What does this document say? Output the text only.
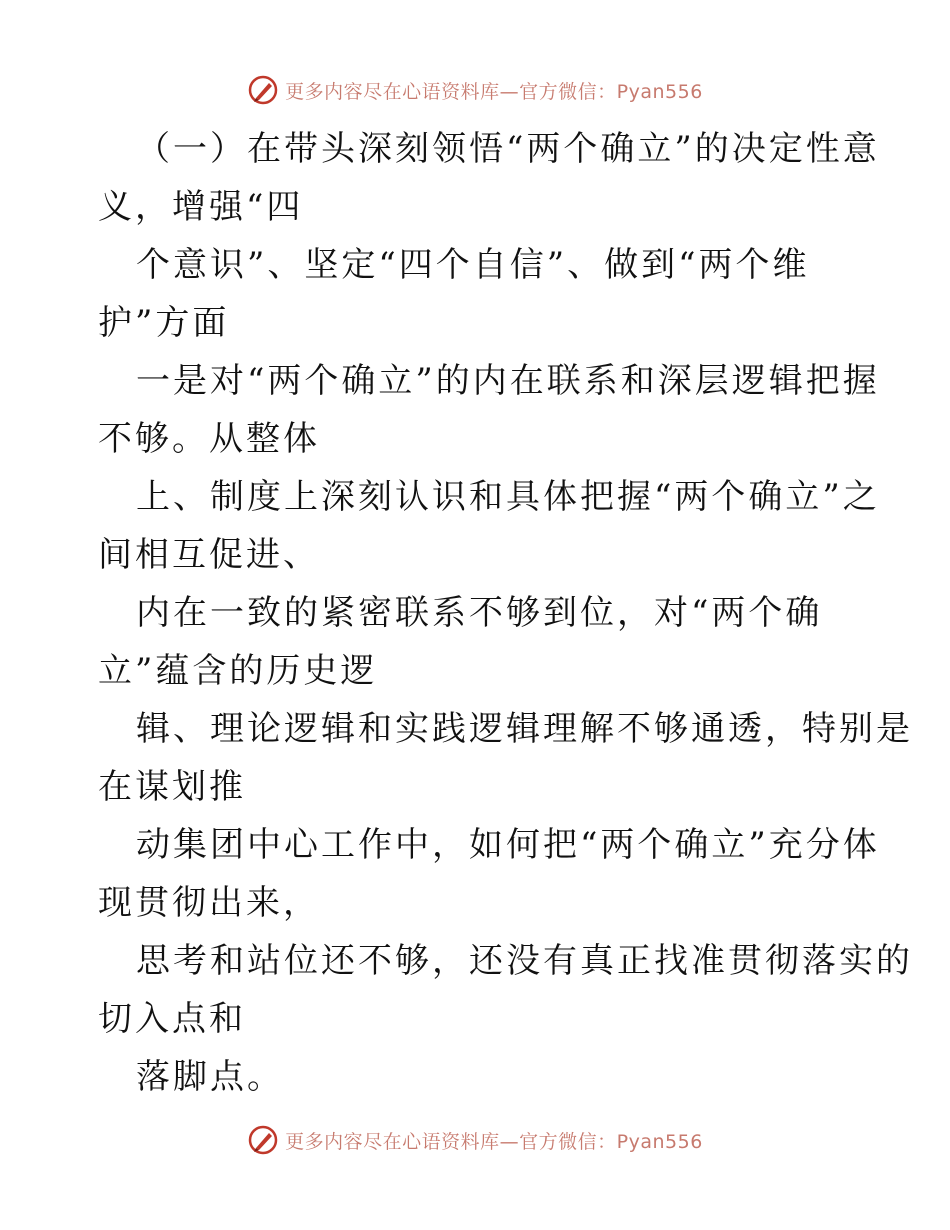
更多内容尽在心语资料库—官方微信：Pyan556
（一）在带头深刻领悟“两个确立”的决定性意
义，增强“四
个意识”、坚定“四个自信”、做到“两个维
护”方面
一是对“两个确立”的内在联系和深层逻辑把握
不够。从整体
上、制度上深刻认识和具体把握“两个确立”之
间相互促进、
内在一致的紧密联系不够到位，对“两个确
立”蕴含的历史逻
辑、理论逻辑和实践逻辑理解不够通透，特别是
在谋划推
动集团中心工作中，如何把“两个确立”充分体
现贯彻出来，
思考和站位还不够，还没有真正找准贯彻落实的
切入点和
落脚点。
更多内容尽在心语资料库—官方微信：Pyan556
